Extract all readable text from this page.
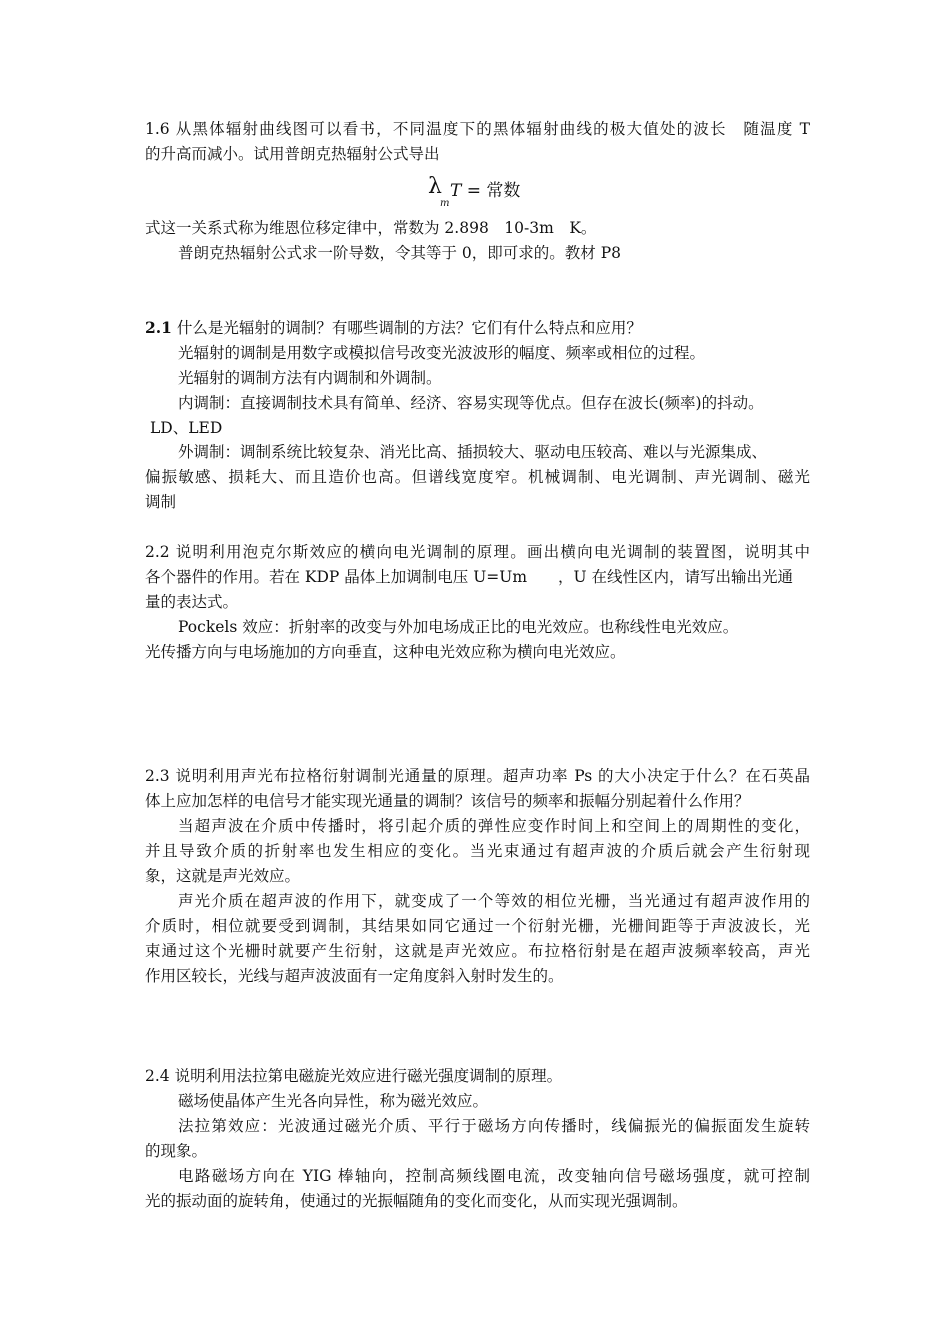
1.6 从黑体辐射曲线图可以看书，不同温度下的黑体辐射曲线的极大值处的波长　随温度 T
的升高而减小。试用普朗克热辐射公式导出
λ
m
T = 常数
式这一关系式称为维恩位移定律中，常数为 2.898　10-3m　K。
普朗克热辐射公式求一阶导数，令其等于 0，即可求的。教材 P8
2.1 什么是光辐射的调制？有哪些调制的方法？它们有什么特点和应用？
光辐射的调制是用数字或模拟信号改变光波波形的幅度、频率或相位的过程。
光辐射的调制方法有内调制和外调制。
内调制：直接调制技术具有简单、经济、容易实现等优点。但存在波长(频率)的抖动。
LD、LED
外调制：调制系统比较复杂、消光比高、插损较大、驱动电压较高、难以与光源集成、
偏振敏感、损耗大、而且造价也高。但谱线宽度窄。机械调制、电光调制、声光调制、磁光
调制
2.2 说明利用泡克尔斯效应的横向电光调制的原理。画出横向电光调制的装置图，说明其中
各个器件的作用。若在 KDP 晶体上加调制电压 U=Um　　，U 在线性区内，请写出输出光通
量的表达式。
Pockels 效应：折射率的改变与外加电场成正比的电光效应。也称线性电光效应。
光传播方向与电场施加的方向垂直，这种电光效应称为横向电光效应。
2.3 说明利用声光布拉格衍射调制光通量的原理。超声功率 Ps 的大小决定于什么？在石英晶
体上应加怎样的电信号才能实现光通量的调制？该信号的频率和振幅分别起着什么作用？
当超声波在介质中传播时，将引起介质的弹性应变作时间上和空间上的周期性的变化，
并且导致介质的折射率也发生相应的变化。当光束通过有超声波的介质后就会产生衍射现
象，这就是声光效应。
声光介质在超声波的作用下，就变成了一个等效的相位光栅，当光通过有超声波作用的
介质时，相位就要受到调制，其结果如同它通过一个衍射光栅，光栅间距等于声波波长，光
束通过这个光栅时就要产生衍射，这就是声光效应。布拉格衍射是在超声波频率较高，声光
作用区较长，光线与超声波波面有一定角度斜入射时发生的。
2.4 说明利用法拉第电磁旋光效应进行磁光强度调制的原理。
磁场使晶体产生光各向异性，称为磁光效应。
法拉第效应：光波通过磁光介质、平行于磁场方向传播时，线偏振光的偏振面发生旋转
的现象。
电路磁场方向在 YIG 棒轴向，控制高频线圈电流，改变轴向信号磁场强度，就可控制
光的振动面的旋转角，使通过的光振幅随角的变化而变化，从而实现光强调制。
